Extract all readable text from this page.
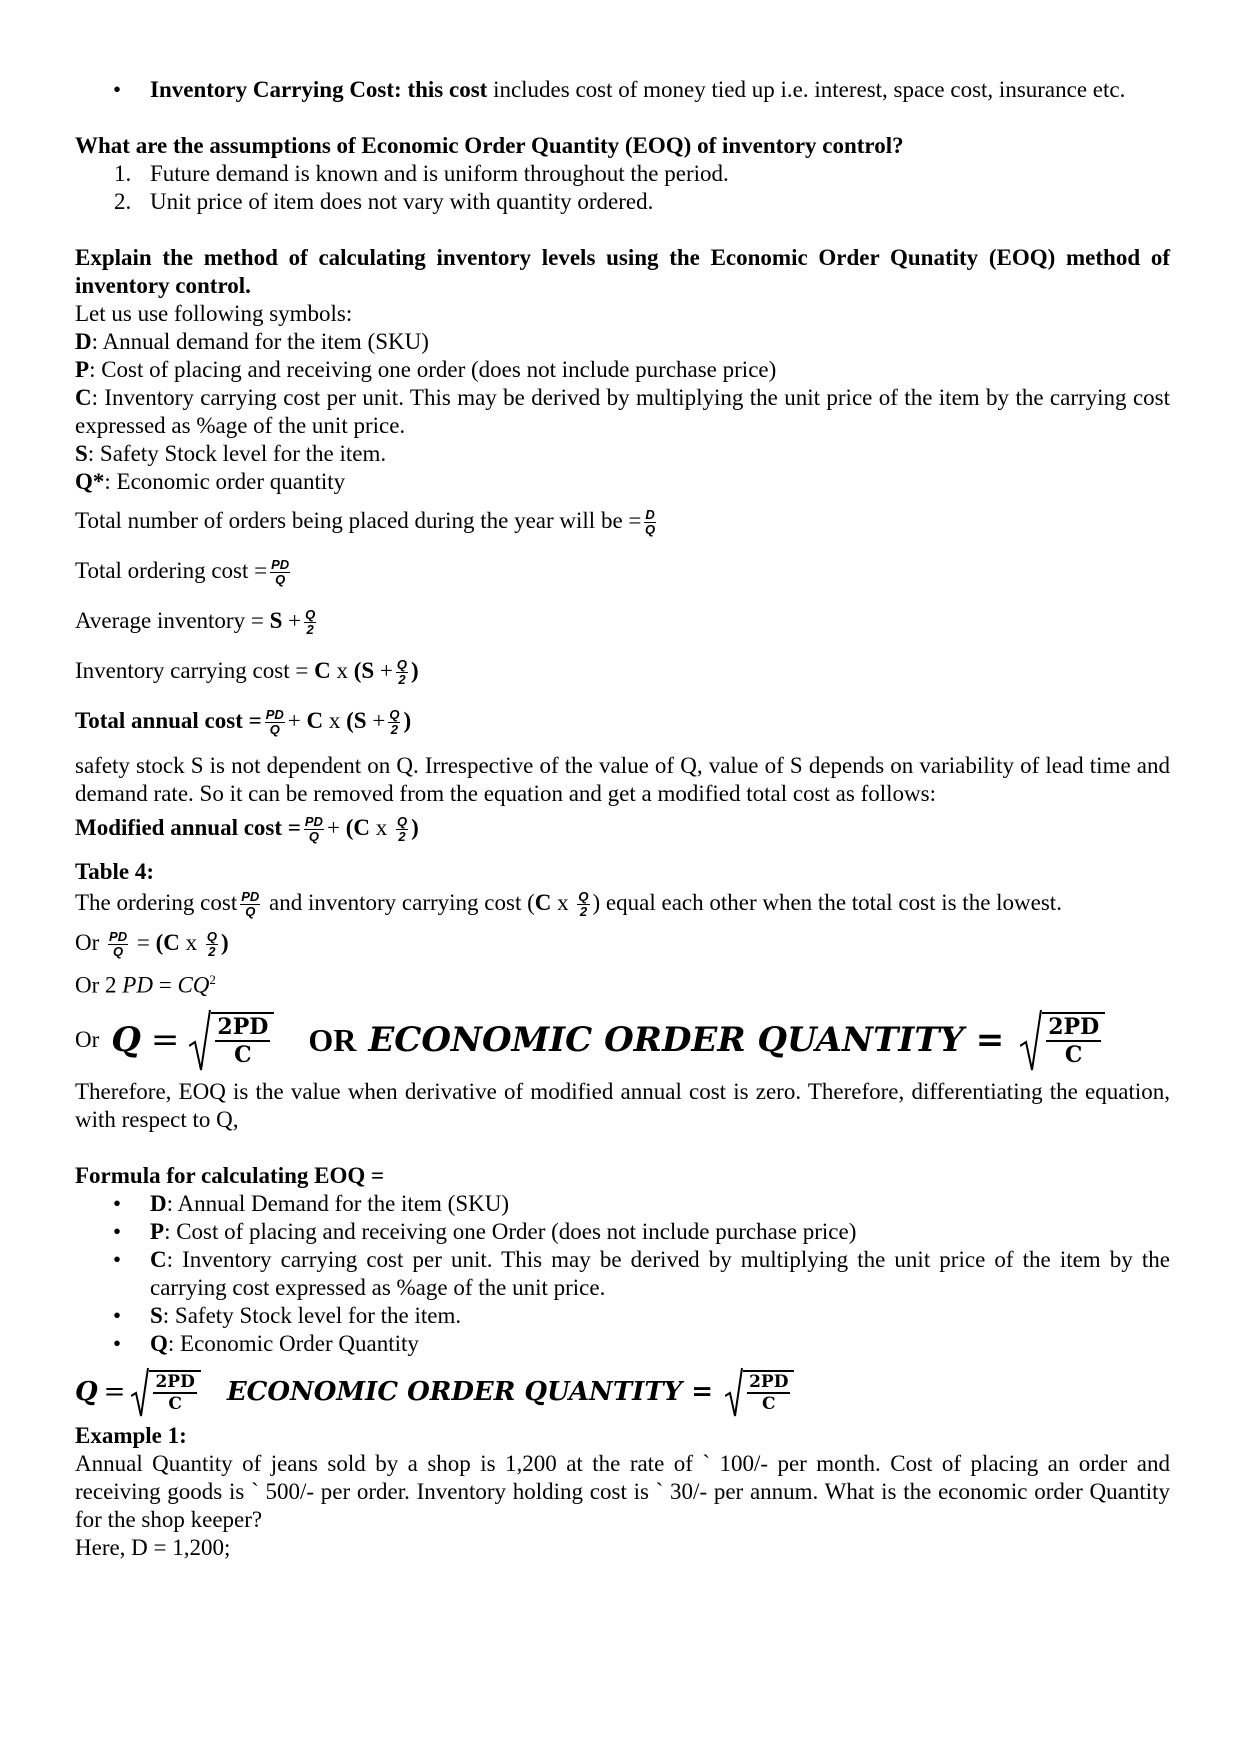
• Inventory Carrying Cost: this cost includes cost of money tied up i.e. interest, space cost, insurance etc.

What are the assumptions of Economic Order Quantity (EOQ) of inventory control?

1. Future demand is known and is uniform throughout the period.

2. Unit price of item does not vary with quantity ordered.

Explain the method of calculating inventory levels using the Economic Order Qunatity (EOQ) method of inventory control.

Let us use following symbols:

D: Annual demand for the item (SKU)

P: Cost of placing and receiving one order (does not include purchase price)

C: Inventory carrying cost per unit. This may be derived by multiplying the unit price of the item by the carrying cost expressed as %age of the unit price.

S: Safety Stock level for the item.

Q*: Economic order quantity

Total number of orders being placed during the year will be = $\frac{D}{Q}$

Total ordering $\cos t = \frac{PD}{Q}$

Average inventory = $S + \frac{Q}{2}$

Inventory carrying cost = C x ($S + \frac{Q}{2}$ )

Total annual $\cos t = \frac{PD}{Q} + C$ x ($S + \frac{Q}{2}$ )

safety stock S is not dependent on Q. Irrespective of the value of Q, value of S depends on variability of lead time and demand rate. So it can be removed from the equation and get a modified total cost as follows:

Modified annual $\cos t = \frac{PD}{Q} + (C$ x $\frac{Q}{2}$ )

Table 4:

The ordering cost $\frac{PD}{Q}$ and inventory carrying cost (C x $\frac{Q}{2}$ ) equal each other when the total cost is the lowest.

Or $\frac{PD}{Q} = (C$ x $\frac{Q}{2}$ )

Or 2 PD = $CQ^2$

Or Q = 2PD
C OR ECONOMIC ORDER QUANTITY = 2PD
C

Therefore, EOQ is the value when derivative of modified annual cost is zero. Therefore, differentiating the equation, with respect to Q,

Formula for calculating EOQ =

• D: Annual Demand for the item (SKU)

• P: Cost of placing and receiving one Order (does not include purchase price)

• C: Inventory carrying cost per unit. This may be derived by multiplying the unit price of the item by the carrying cost expressed as %age of the unit price.

• S: Safety Stock level for the item.

• Q: Economic Order Quantity

Q = 2PD
C ECONOMIC ORDER QUANTITY = 2PD
C

Example 1:

Annual Quantity of jeans sold by a shop is 1,200 at the rate of ` 100/- per month. Cost of placing an order and receiving goods is ` 500/- per order. Inventory holding cost is ` 30/- per annum. What is the economic order Quantity for the shop keeper?

Here, D = 1,200;
